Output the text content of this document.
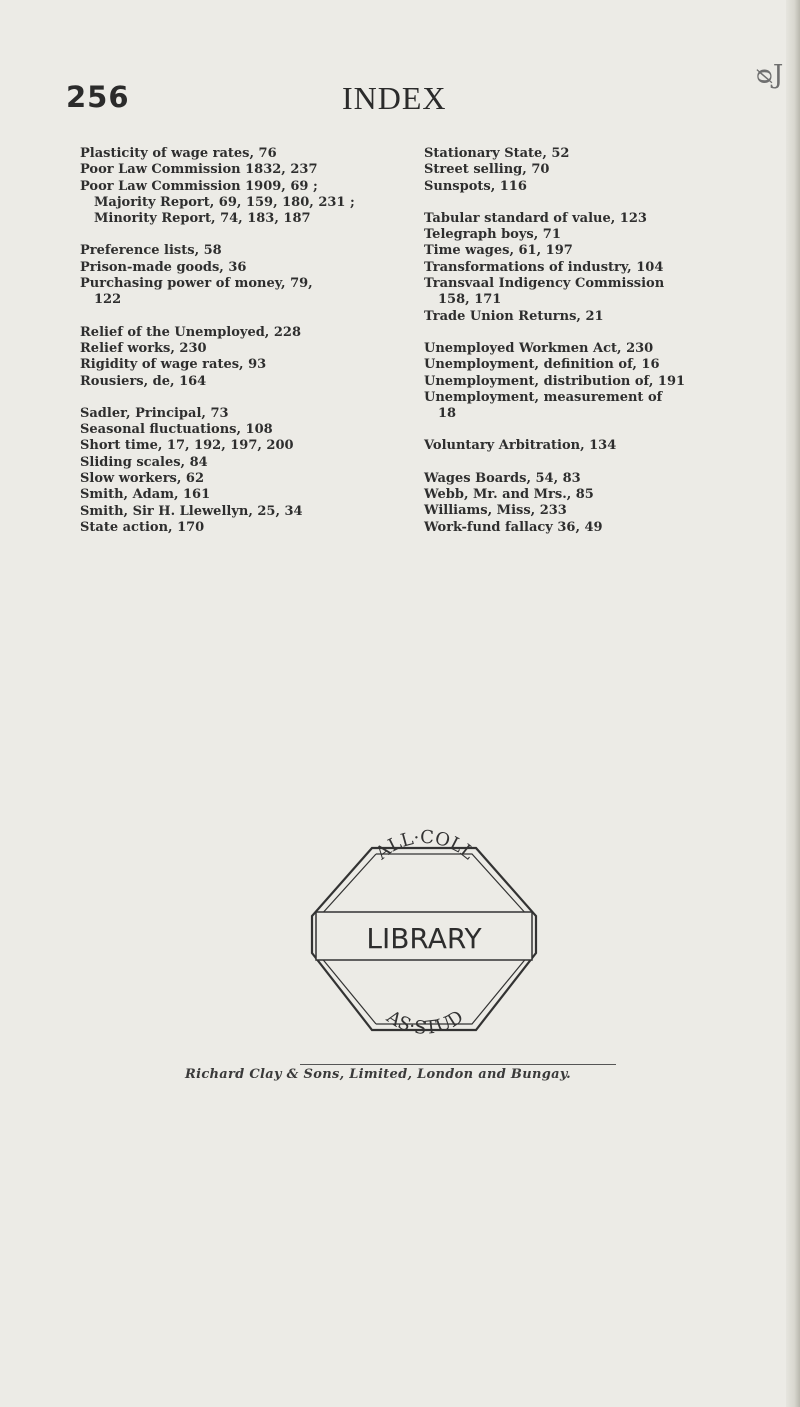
256	INDEX
ᴓJ
Plasticity of wage rates, 76
Poor Law Commission 1832, 237
Poor Law Commission 1909, 69 ;
Majority Report, 69, 159, 180, 231 ;
Minority Report, 74, 183, 187
Preference lists, 58
Prison-made goods, 36
Purchasing power of money, 79,
122
Relief of the Unemployed, 228
Relief works, 230
Rigidity of wage rates, 93
Rousiers, de, 164
Sadler, Principal, 73
Seasonal fluctuations, 108
Short time, 17, 192, 197, 200
Sliding scales, 84
Slow workers, 62
Smith, Adam, 161
Smith, Sir H. Llewellyn, 25, 34
State action, 170
Stationary State, 52
Street selling, 70
Sunspots, 116
Tabular standard of value, 123
Telegraph boys, 71
Time wages, 61, 197
Transformations of industry, 104
Transvaal Indigency Commission
158, 171
Trade Union Returns, 21
Unemployed Workmen Act, 230
Unemployment, definition of, 16
Unemployment, distribution of, 191
Unemployment, measurement of
18
Voluntary Arbitration, 134
Wages Boards, 54, 83
Webb, Mr. and Mrs., 85
Williams, Miss, 233
Work-fund fallacy 36, 49
LIBRARY
ALL·COLL
AS·STUD
Richard Clay & Sons, Limited, London and Bungay.
